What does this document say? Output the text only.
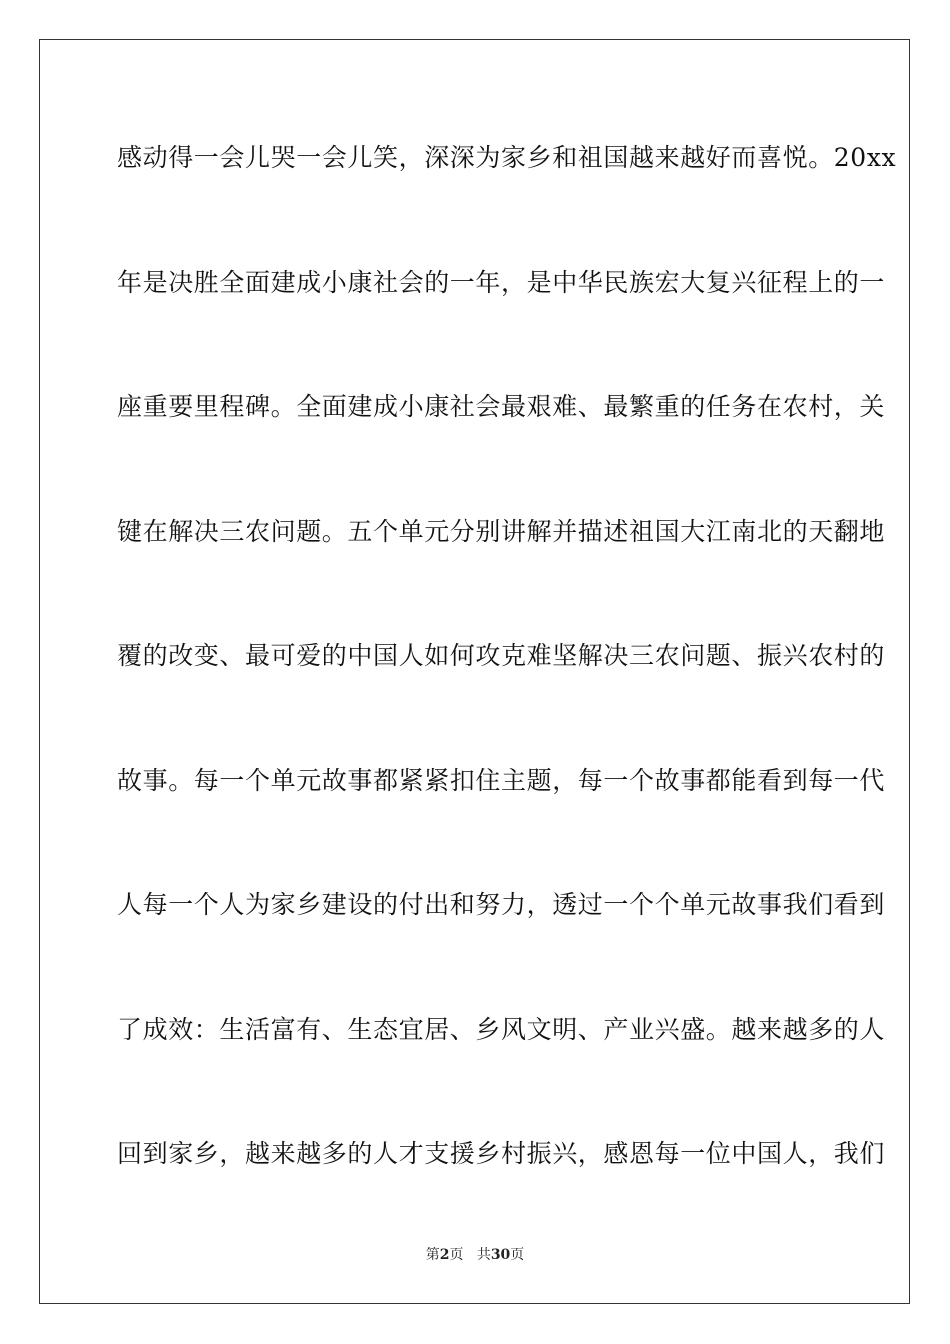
感动得一会儿哭一会儿笑，深深为家乡和祖国越来越好而喜悦。20xx
年是决胜全面建成小康社会的一年，是中华民族宏大复兴征程上的一
座重要里程碑。全面建成小康社会最艰难、最繁重的任务在农村，关
键在解决三农问题。五个单元分别讲解并描述祖国大江南北的天翻地
覆的改变、最可爱的中国人如何攻克难坚解决三农问题、振兴农村的
故事。每一个单元故事都紧紧扣住主题，每一个故事都能看到每一代
人每一个人为家乡建设的付出和努力，透过一个个单元故事我们看到
了成效：生活富有、生态宜居、乡风文明、产业兴盛。越来越多的人
回到家乡，越来越多的人才支援乡村振兴，感恩每一位中国人，我们
第2页 共30页
